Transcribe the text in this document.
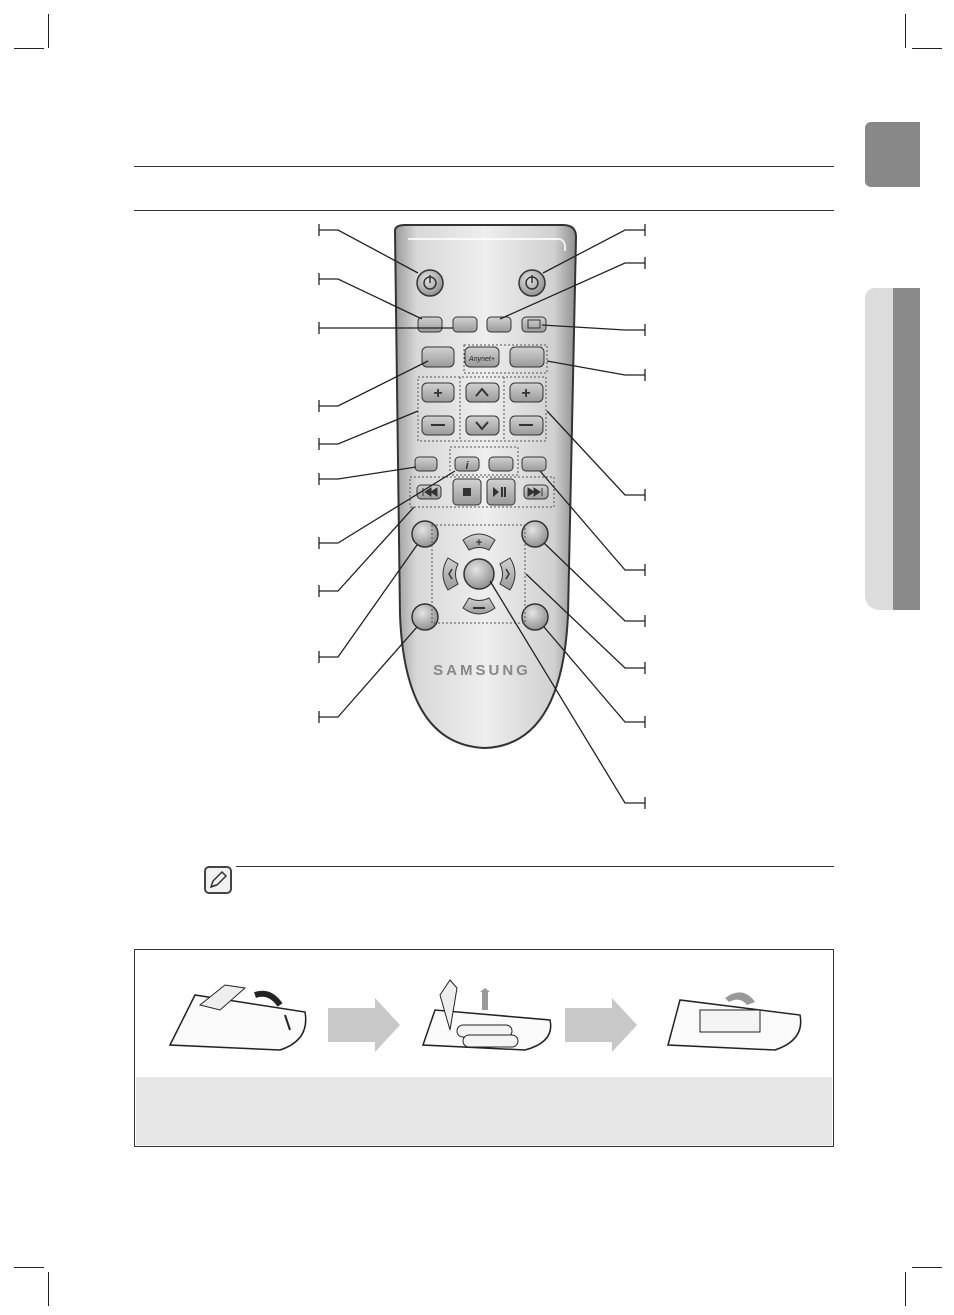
Anynet+
+	+
i
+
SAMSUNG
